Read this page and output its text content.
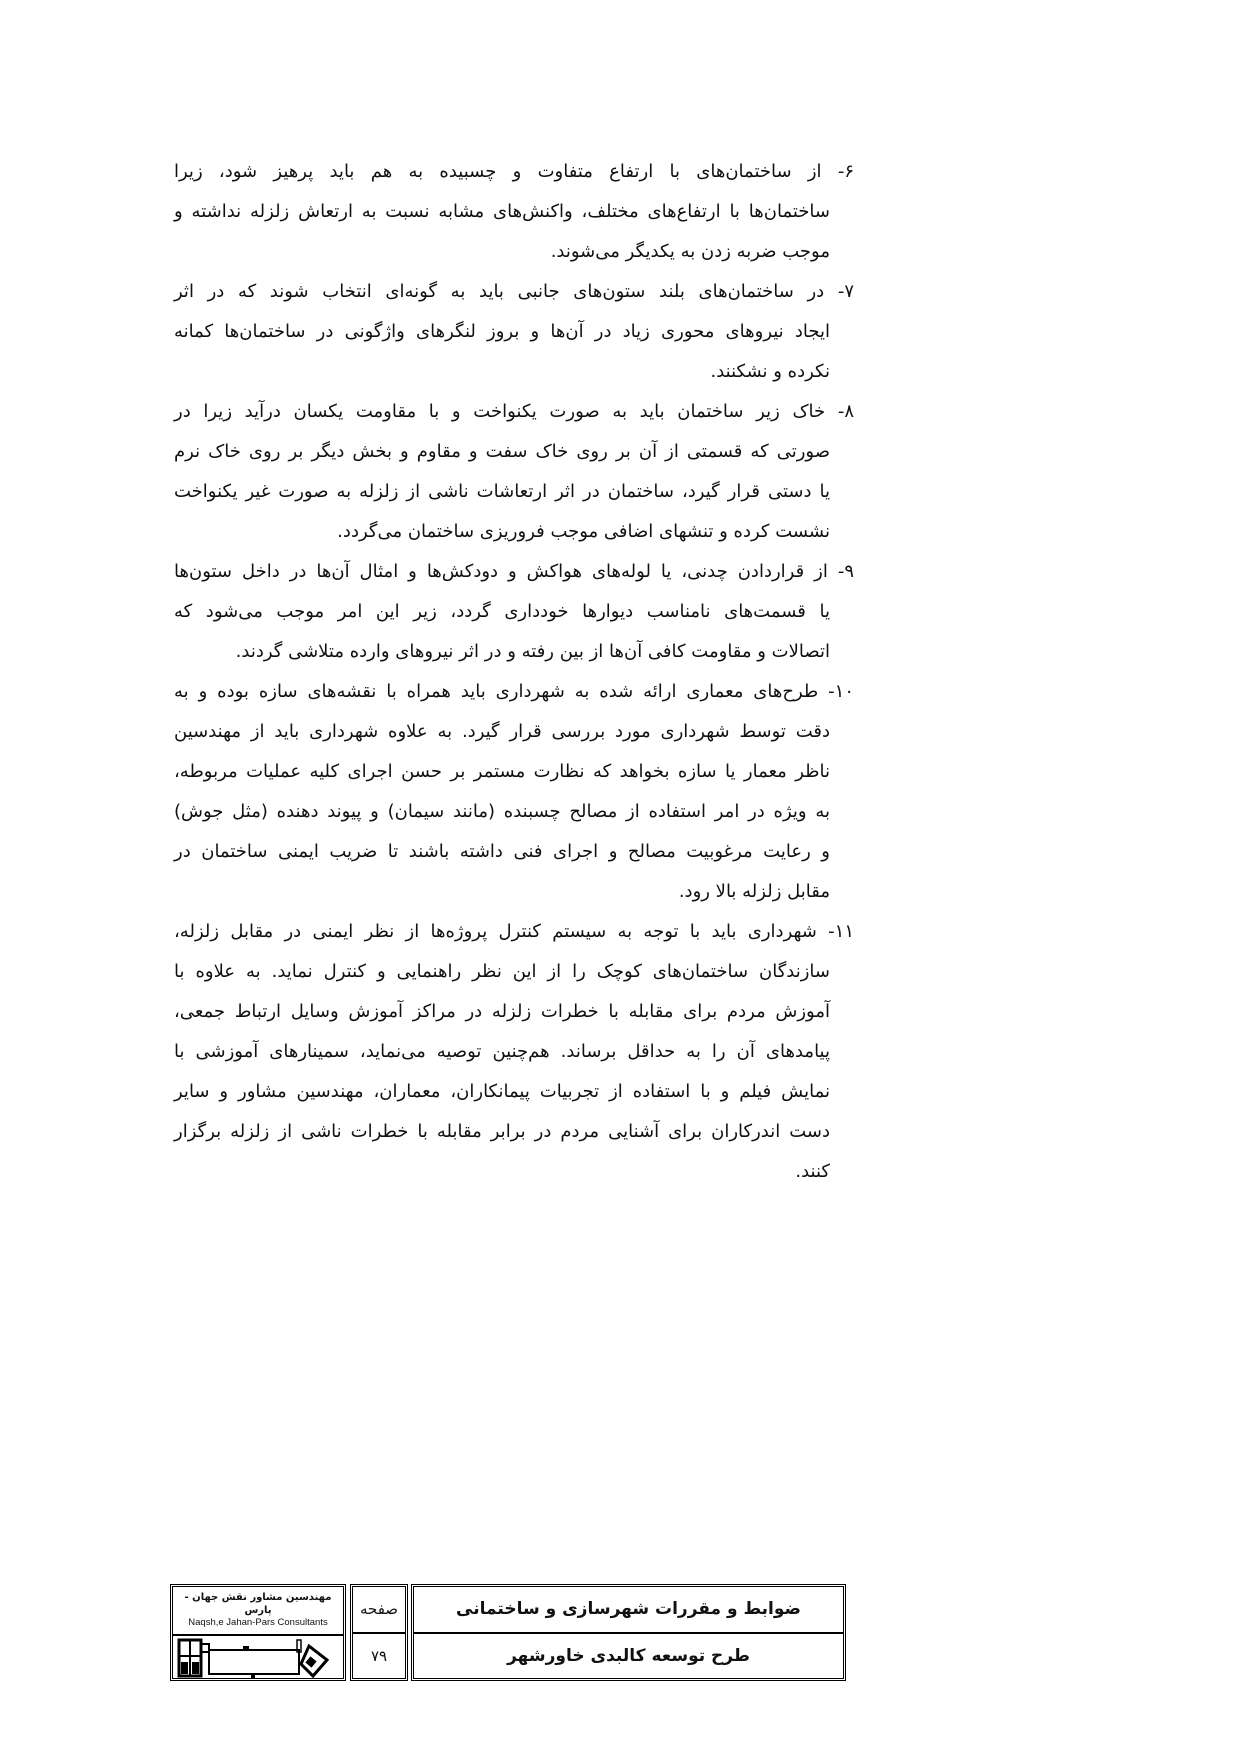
۶- از ساختمان‌های با ارتفاع متفاوت و چسبیده به هم باید پرهیز شود، زیرا
ساختمان‌ها با ارتفاع‌های مختلف، واکنش‌های مشابه نسبت به ارتعاش زلزله نداشته و
موجب ضربه زدن به یکدیگر می‌شوند.
۷- در ساختمان‌های بلند ستون‌های جانبی باید به گونه‌ای انتخاب شوند که در اثر
ایجاد نیروهای محوری زیاد در آن‌ها و بروز لنگرهای واژگونی در ساختمان‌ها کمانه
نکرده و نشکنند.
۸- خاک زیر ساختمان باید به صورت یکنواخت و با مقاومت یکسان درآید زیرا در
صورتی که قسمتی از آن بر روی خاک سفت و مقاوم و بخش دیگر بر روی خاک نرم
یا دستی قرار گیرد، ساختمان در اثر ارتعاشات ناشی از زلزله به صورت غیر یکنواخت
نشست کرده و تنشهای اضافی موجب فروریزی ساختمان می‌گردد.
۹- از قراردادن چدنی، یا لوله‌های هواکش و دودکش‌ها و امثال آن‌ها در داخل ستون‌ها
یا قسمت‌های نامناسب دیوارها خودداری گردد، زیر این امر موجب می‌شود که
اتصالات و مقاومت کافی آن‌ها از بین رفته و در اثر نیروهای وارده متلاشی گردند.
۱۰- طرح‌های معماری ارائه شده به شهرداری باید همراه با نقشه‌های سازه بوده و به
دقت توسط شهرداری مورد بررسی قرار گیرد. به علاوه شهرداری باید از مهندسین
ناظر معمار یا سازه بخواهد که نظارت مستمر بر حسن اجرای کلیه عملیات مربوطه،
به ویژه در امر استفاده از مصالح چسبنده (مانند سیمان) و پیوند دهنده (مثل جوش)
و رعایت مرغوبیت مصالح و اجرای فنی داشته باشند تا ضریب ایمنی ساختمان در
مقابل زلزله بالا رود.
۱۱- شهرداری باید با توجه به سیستم کنترل پروژه‌ها از نظر ایمنی در مقابل زلزله،
سازندگان ساختمان‌های کوچک را از این نظر راهنمایی و کنترل نماید. به علاوه با
آموزش مردم برای مقابله با خطرات زلزله در مراکز آموزش وسایل ارتباط جمعی،
پیامدهای آن را به حداقل برساند. هم‌چنین توصیه می‌نماید، سمینارهای آموزشی با
نمایش فیلم و با استفاده از تجربیات پیمانکاران، معماران، مهندسین مشاور و سایر
دست اندرکاران برای آشنایی مردم در برابر مقابله با خطرات ناشی از زلزله برگزار
کنند.
ضوابط و مقررات شهرسازی و ساختمانی
طرح توسعه کالبدی خاورشهر
صفحه
۷۹
مهندسین مشاور نقش جهان - پارس
Naqsh,e Jahan-Pars Consultants
